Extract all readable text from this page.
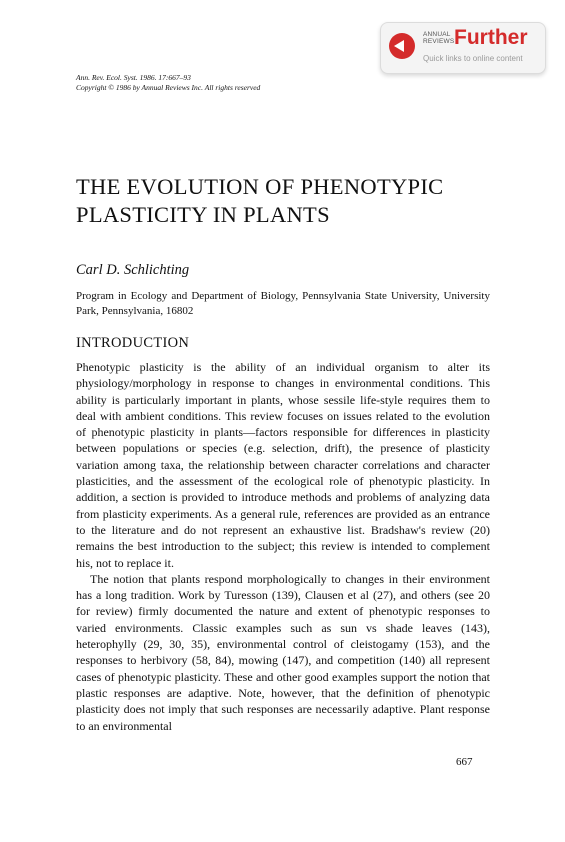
ANNUAL REVIEWS Further
Quick links to online content
Ann. Rev. Ecol. Syst. 1986. 17:667–93
Copyright © 1986 by Annual Reviews Inc. All rights reserved
THE EVOLUTION OF PHENOTYPIC PLASTICITY IN PLANTS
Carl D. Schlichting
Program in Ecology and Department of Biology, Pennsylvania State University, University Park, Pennsylvania, 16802
INTRODUCTION

Phenotypic plasticity is the ability of an individual organism to alter its physiology/morphology in response to changes in environmental conditions. This ability is particularly important in plants, whose sessile life-style requires them to deal with ambient conditions. This review focuses on issues related to the evolution of phenotypic plasticity in plants—factors responsible for differences in plasticity between populations or species (e.g. selection, drift), the presence of plasticity variation among taxa, the relationship between character correlations and character plasticities, and the assessment of the ecological role of phenotypic plasticity. In addition, a section is provided to introduce methods and problems of analyzing data from plasticity experiments. As a general rule, references are provided as an entrance to the literature and do not represent an exhaustive list. Bradshaw's review (20) remains the best introduction to the subject; this review is intended to complement his, not to replace it.

The notion that plants respond morphologically to changes in their environment has a long tradition. Work by Turesson (139), Clausen et al (27), and others (see 20 for review) firmly documented the nature and extent of phenotypic responses to varied environments. Classic examples such as sun vs shade leaves (143), heterophylly (29, 30, 35), environmental control of cleistogamy (153), and the responses to herbivory (58, 84), mowing (147), and competition (140) all represent cases of phenotypic plasticity. These and other good examples support the notion that plastic responses are adaptive. Note, however, that the definition of phenotypic plasticity does not imply that such responses are necessarily adaptive. Plant response to an environmental

667
